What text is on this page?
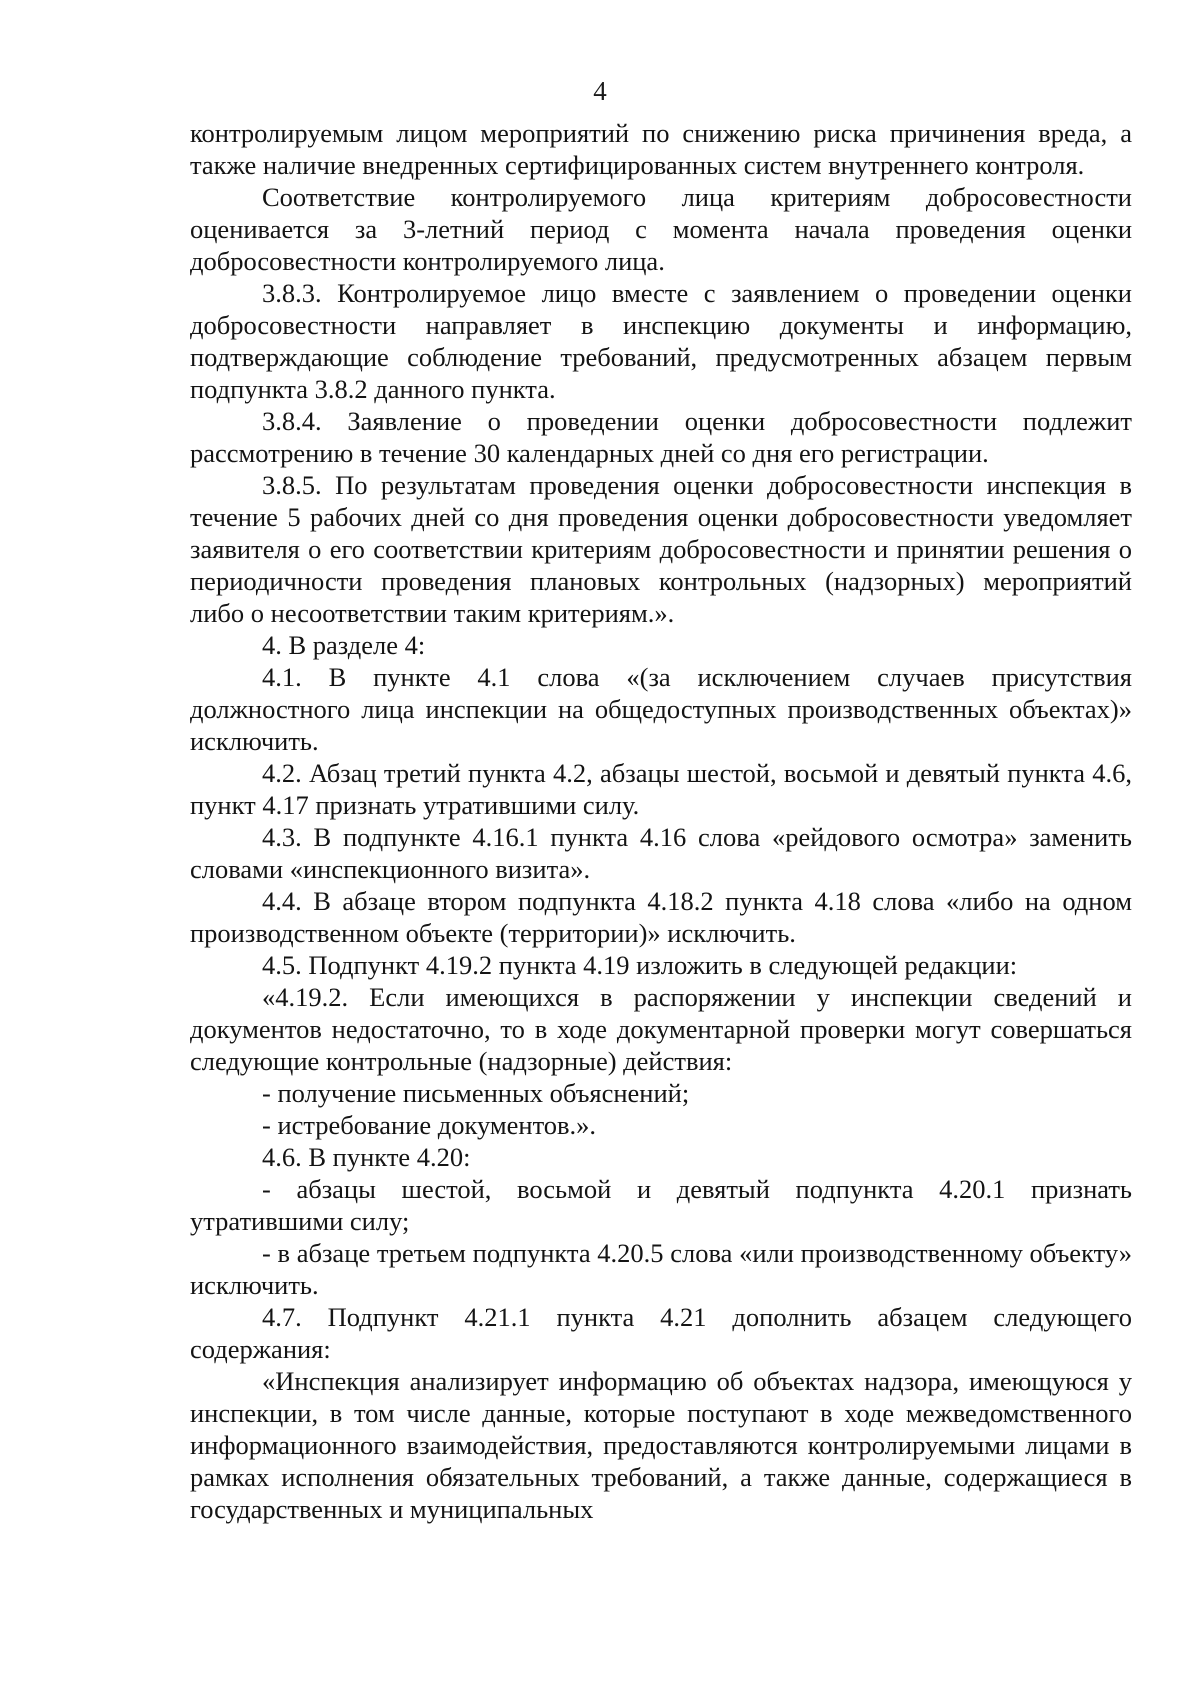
4

контролируемым лицом мероприятий по снижению риска причинения вреда, а также наличие внедренных сертифицированных систем внутреннего контроля.

Соответствие контролируемого лица критериям добросовестности оценивается за 3-летний период с момента начала проведения оценки добросовестности контролируемого лица.

3.8.3. Контролируемое лицо вместе с заявлением о проведении оценки добросовестности направляет в инспекцию документы и информацию, подтверждающие соблюдение требований, предусмотренных абзацем первым подпункта 3.8.2 данного пункта.

3.8.4. Заявление о проведении оценки добросовестности подлежит рассмотрению в течение 30 календарных дней со дня его регистрации.

3.8.5. По результатам проведения оценки добросовестности инспекция в течение 5 рабочих дней со дня проведения оценки добросовестности уведомляет заявителя о его соответствии критериям добросовестности и принятии решения о периодичности проведения плановых контрольных (надзорных) мероприятий либо о несоответствии таким критериям.».

4. В разделе 4:

4.1. В пункте 4.1 слова «(за исключением случаев присутствия должностного лица инспекции на общедоступных производственных объектах)» исключить.

4.2. Абзац третий пункта 4.2, абзацы шестой, восьмой и девятый пункта 4.6, пункт 4.17 признать утратившими силу.

4.3. В подпункте 4.16.1 пункта 4.16 слова «рейдового осмотра» заменить словами «инспекционного визита».

4.4. В абзаце втором подпункта 4.18.2 пункта 4.18 слова «либо на одном производственном объекте (территории)» исключить.

4.5. Подпункт 4.19.2 пункта 4.19 изложить в следующей редакции:

«4.19.2. Если имеющихся в распоряжении у инспекции сведений и документов недостаточно, то в ходе документарной проверки могут совершаться следующие контрольные (надзорные) действия:

- получение письменных объяснений;

- истребование документов.».

4.6. В пункте 4.20:

- абзацы шестой, восьмой и девятый подпункта 4.20.1 признать утратившими силу;

- в абзаце третьем подпункта 4.20.5 слова «или производственному объекту» исключить.

4.7. Подпункт 4.21.1 пункта 4.21 дополнить абзацем следующего содержания:

«Инспекция анализирует информацию об объектах надзора, имеющуюся у инспекции, в том числе данные, которые поступают в ходе межведомственного информационного взаимодействия, предоставляются контролируемыми лицами в рамках исполнения обязательных требований, а также данные, содержащиеся в государственных и муниципальных
